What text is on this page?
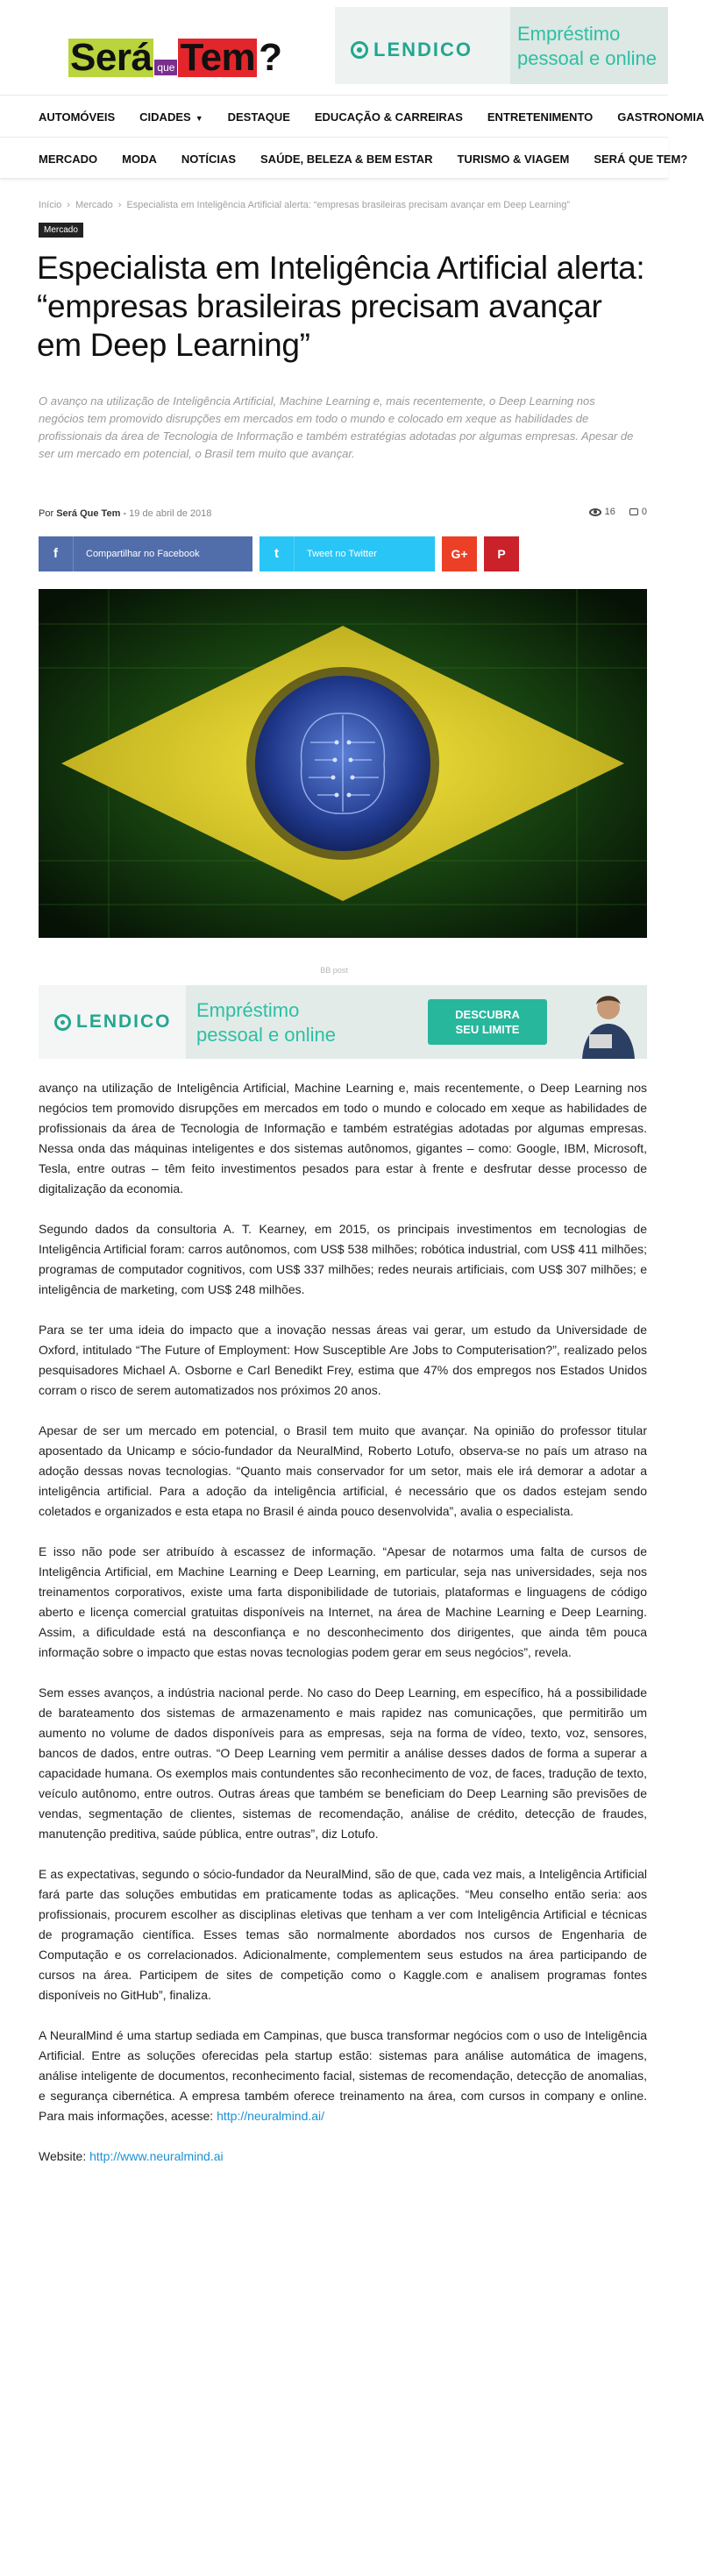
Será que Tem ?	LENDICO
Empréstimo
pessoal e online
AUTOMÓVEIS CIDADES ▼ DESTAQUE EDUCAÇÃO & CARREIRAS ENTRETENIMENTO GASTRONOMIA
MERCADO MODA NOTÍCIAS SAÚDE, BELEZA & BEM ESTAR TURISMO & VIAGEM SERÁ QUE TEM?
Início › Mercado › Especialista em Inteligência Artificial alerta: “empresas brasileiras precisam avançar em Deep Learning”
Mercado
Especialista em Inteligência Artificial alerta: “empresas brasileiras precisam avançar em Deep Learning”

O avanço na utilização de Inteligência Artificial, Machine Learning e, mais recentemente, o Deep Learning nos negócios tem promovido disrupções em mercados em todo o mundo e colocado em xeque as habilidades de profissionais da área de Tecnologia de Informação e também estratégias adotadas por algumas empresas. Apesar de ser um mercado em potencial, o Brasil tem muito que avançar.

Por Será Que Tem - 19 de abril de 2018	16	0
f	Compartilhar no Facebook	t	Tweet no Twitter	G+ P
BB post
LENDICO
Empréstimo
pessoal e online
DESCUBRA
SEU LIMITE

avanço na utilização de Inteligência Artificial, Machine Learning e, mais recentemente, o Deep Learning nos negócios tem promovido disrupções em mercados em todo o mundo e colocado em xeque as habilidades de profissionais da área de Tecnologia de Informação e também estratégias adotadas por algumas empresas. Nessa onda das máquinas inteligentes e dos sistemas autônomos, gigantes – como: Google, IBM, Microsoft, Tesla, entre outras – têm feito investimentos pesados para estar à frente e desfrutar desse processo de digitalização da economia.

Segundo dados da consultoria A. T. Kearney, em 2015, os principais investimentos em tecnologias de Inteligência Artificial foram: carros autônomos, com US$ 538 milhões; robótica industrial, com US$ 411 milhões; programas de computador cognitivos, com US$ 337 milhões; redes neurais artificiais, com US$ 307 milhões; e inteligência de marketing, com US$ 248 milhões.

Para se ter uma ideia do impacto que a inovação nessas áreas vai gerar, um estudo da Universidade de Oxford, intitulado “The Future of Employment: How Susceptible Are Jobs to Computerisation?”, realizado pelos pesquisadores Michael A. Osborne e Carl Benedikt Frey, estima que 47% dos empregos nos Estados Unidos corram o risco de serem automatizados nos próximos 20 anos.

Apesar de ser um mercado em potencial, o Brasil tem muito que avançar. Na opinião do professor titular aposentado da Unicamp e sócio-fundador da NeuralMind, Roberto Lotufo, observa-se no país um atraso na adoção dessas novas tecnologias. “Quanto mais conservador for um setor, mais ele irá demorar a adotar a inteligência artificial. Para a adoção da inteligência artificial, é necessário que os dados estejam sendo coletados e organizados e esta etapa no Brasil é ainda pouco desenvolvida”, avalia o especialista.

E isso não pode ser atribuído à escassez de informação. “Apesar de notarmos uma falta de cursos de Inteligência Artificial, em Machine Learning e Deep Learning, em particular, seja nas universidades, seja nos treinamentos corporativos, existe uma farta disponibilidade de tutoriais, plataformas e linguagens de código aberto e licença comercial gratuitas disponíveis na Internet, na área de Machine Learning e Deep Learning. Assim, a dificuldade está na desconfiança e no desconhecimento dos dirigentes, que ainda têm pouca informação sobre o impacto que estas novas tecnologias podem gerar em seus negócios”, revela.

Sem esses avanços, a indústria nacional perde. No caso do Deep Learning, em específico, há a possibilidade de barateamento dos sistemas de armazenamento e mais rapidez nas comunicações, que permitirão um aumento no volume de dados disponíveis para as empresas, seja na forma de vídeo, texto, voz, sensores, bancos de dados, entre outras. “O Deep Learning vem permitir a análise desses dados de forma a superar a capacidade humana. Os exemplos mais contundentes são reconhecimento de voz, de faces, tradução de texto, veículo autônomo, entre outros. Outras áreas que também se beneficiam do Deep Learning são previsões de vendas, segmentação de clientes, sistemas de recomendação, análise de crédito, detecção de fraudes, manutenção preditiva, saúde pública, entre outras”, diz Lotufo.

E as expectativas, segundo o sócio-fundador da NeuralMind, são de que, cada vez mais, a Inteligência Artificial fará parte das soluções embutidas em praticamente todas as aplicações. “Meu conselho então seria: aos profissionais, procurem escolher as disciplinas eletivas que tenham a ver com Inteligência Artificial e técnicas de programação científica. Esses temas são normalmente abordados nos cursos de Engenharia de Computação e os correlacionados. Adicionalmente, complementem seus estudos na área participando de cursos na área. Participem de sites de competição como o Kaggle.com e analisem programas fontes disponíveis no GitHub”, finaliza.

A NeuralMind é uma startup sediada em Campinas, que busca transformar negócios com o uso de Inteligência Artificial. Entre as soluções oferecidas pela startup estão: sistemas para análise automática de imagens, análise inteligente de documentos, reconhecimento facial, sistemas de recomendação, detecção de anomalias, e segurança cibernética. A empresa também oferece treinamento na área, com cursos in company e online. Para mais informações, acesse: http://neuralmind.ai/

Website: http://www.neuralmind.ai
